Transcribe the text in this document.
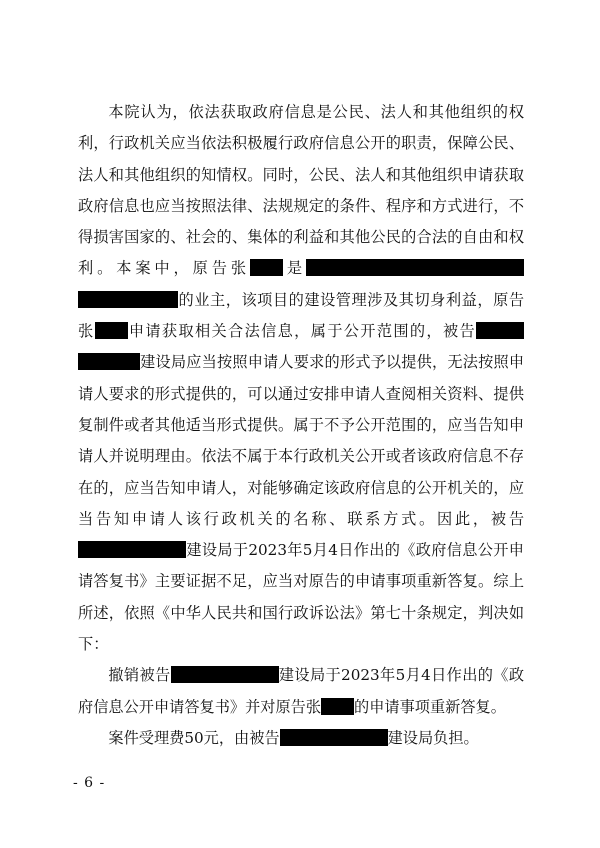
本院认为，依法获取政府信息是公民、法人和其他组织的权利，行政机关应当依法积极履行政府信息公开的职责，保障公民、法人和其他组织的知情权。同时，公民、法人和其他组织申请获取政府信息也应当按照法律、法规规定的条件、程序和方式进行，不得损害国家的、社会的、集体的利益和其他公民的合法的自由和权利。本案中，原告张 是的业主，该项目的建设管理涉及其切身利益，原告张 申请获取相关合法信息，属于公开范围的，被告建设局应当按照申请人要求的形式予以提供，无法按照申请人要求的形式提供的，可以通过安排申请人查阅相关资料、提供复制件或者其他适当形式提供。属于不予公开范围的，应当告知申请人并说明理由。依法不属于本行政机关公开或者该政府信息不存在的，应当告知申请人，对能够确定该政府信息的公开机关的，应当告知申请人该行政机关的名称、联系方式。因此，被告建设局于2023年5月4日作出的《政府信息公开申请答复书》主要证据不足，应当对原告的申请事项重新答复。综上所述，依照《中华人民共和国行政诉讼法》第七十条规定，判决如下：

撤销被告	建设局于2023年5月4日作出的《政府信息公开申请答复书》并对原告张 的申请事项重新答复。

案件受理费50元，由被告	建设局负担。

- 6 -
